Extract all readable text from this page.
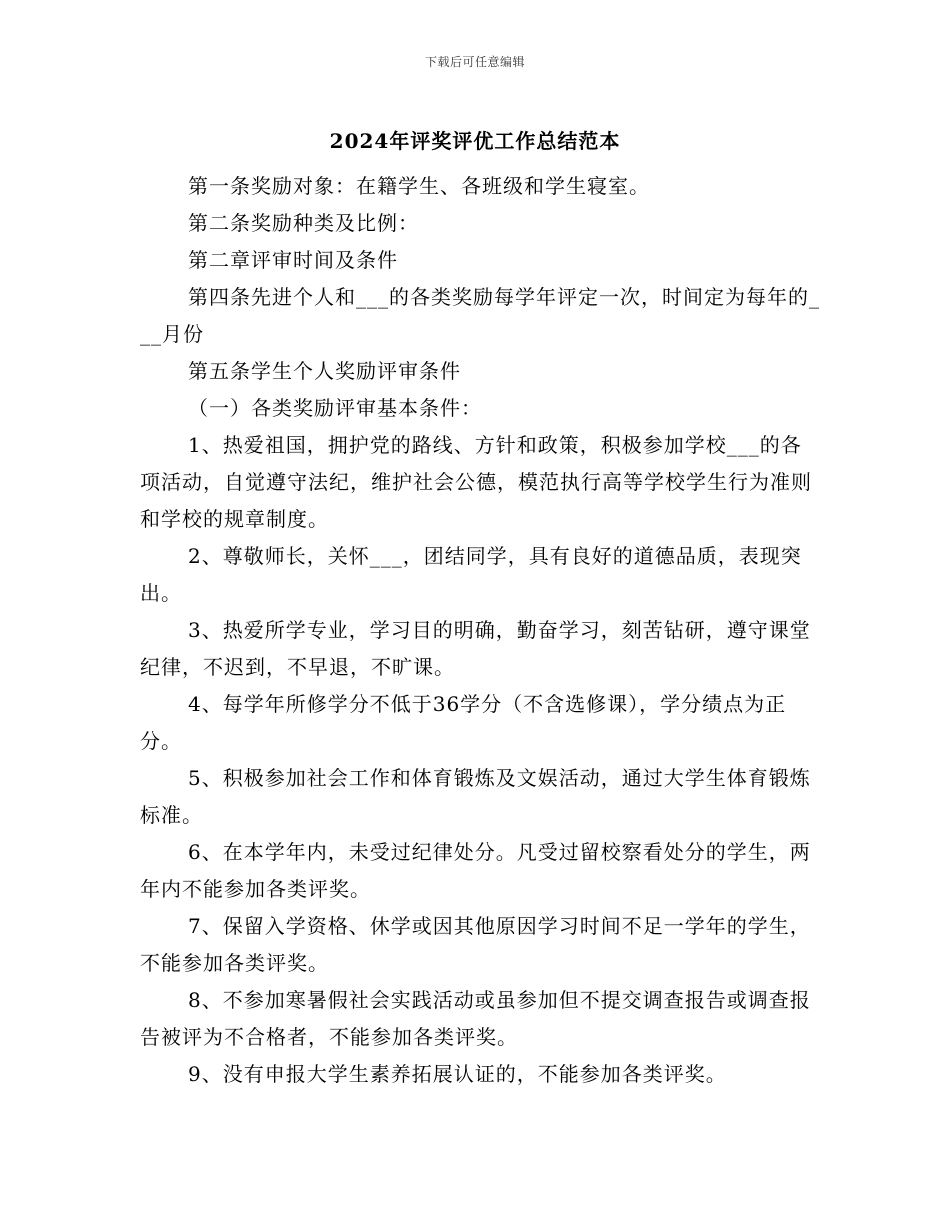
下载后可任意编辑
2024年评奖评优工作总结范本

第一条奖励对象：在籍学生、各班级和学生寝室。

第二条奖励种类及比例：

第二章评审时间及条件

第四条先进个人和___的各类奖励每学年评定一次，时间定为每年的___月份

第五条学生个人奖励评审条件

（一）各类奖励评审基本条件：

1、热爱祖国，拥护党的路线、方针和政策，积极参加学校___的各项活动，自觉遵守法纪，维护社会公德，模范执行高等学校学生行为准则和学校的规章制度。

2、尊敬师长，关怀___，团结同学，具有良好的道德品质，表现突出。

3、热爱所学专业，学习目的明确，勤奋学习，刻苦钻研，遵守课堂纪律，不迟到，不早退，不旷课。

4、每学年所修学分不低于36学分（不含选修课），学分绩点为正分。

5、积极参加社会工作和体育锻炼及文娱活动，通过大学生体育锻炼标准。

6、在本学年内，未受过纪律处分。凡受过留校察看处分的学生，两年内不能参加各类评奖。

7、保留入学资格、休学或因其他原因学习时间不足一学年的学生，不能参加各类评奖。

8、不参加寒暑假社会实践活动或虽参加但不提交调查报告或调查报告被评为不合格者，不能参加各类评奖。

9、没有申报大学生素养拓展认证的，不能参加各类评奖。
